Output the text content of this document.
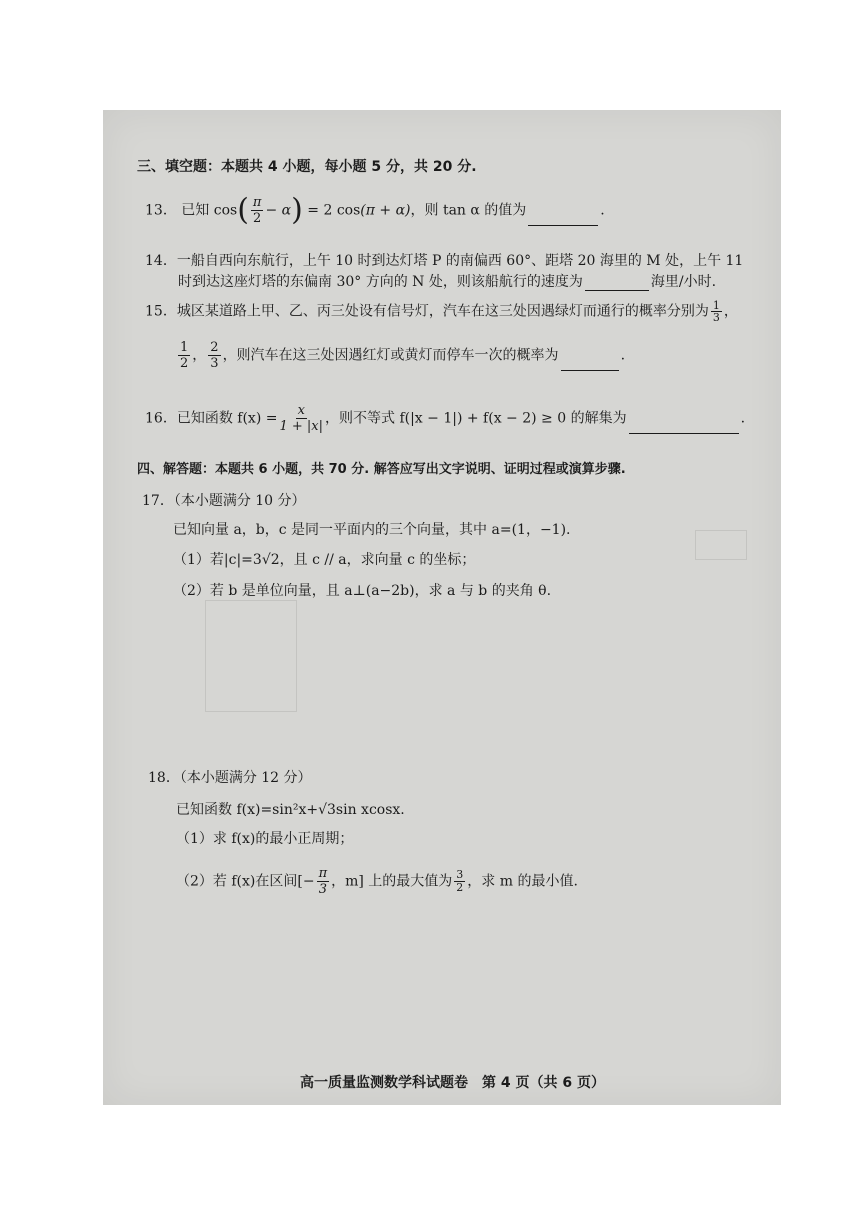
三、填空题：本题共 4 小题，每小题 5 分，共 20 分.
13． 已知 $\cos( \frac{\pi}{2} - \alpha) = 2$ cos(π + α)，则 tan α 的值为	.
14．一船自西向东航行，上午 10 时到达灯塔 P 的南偏西 60°、距塔 20 海里的 M 处，上午 11
时到达这座灯塔的东偏南 30° 方向的 N 处，则该船航行的速度为	海里/小时.
15．城区某道路上甲、乙、丙三处设有信号灯，汽车在这三处因遇绿灯而通行的概率分别为 $\frac{1}{3}$ ，
$\frac{1}{2}$ ， $\frac{2}{3}$ ，则汽车在这三处因遇红灯或黄灯而停车一次的概率为	.
16．已知函数 $f(x) = \frac{x}{1 + |x|}$ ，则不等式 f(|x − 1|) + f(x − 2) ≥ 0 的解集为	.
四、解答题：本题共 6 小题，共 70 分. 解答应写出文字说明、证明过程或演算步骤.
17．（本小题满分 10 分）
已知向量 a，b，c 是同一平面内的三个向量，其中 a=(1，−1).
（1）若|c|=3√2，且 c // a，求向量 c 的坐标；
（2）若 b 是单位向量，且 a⊥(a−2b)，求 a 与 b 的夹角 θ.
18．（本小题满分 12 分）
已知函数 f(x)=sin²x+√3sin xcosx.
（1）求 f(x)的最小正周期；
（2）若 f(x)在区间[− $\frac{\pi}{3}$ ，m] 上的最大值为 $\frac{3}{2}$ ，求 m 的最小值.
高一质量监测数学科试题卷　第 4 页（共 6 页）
